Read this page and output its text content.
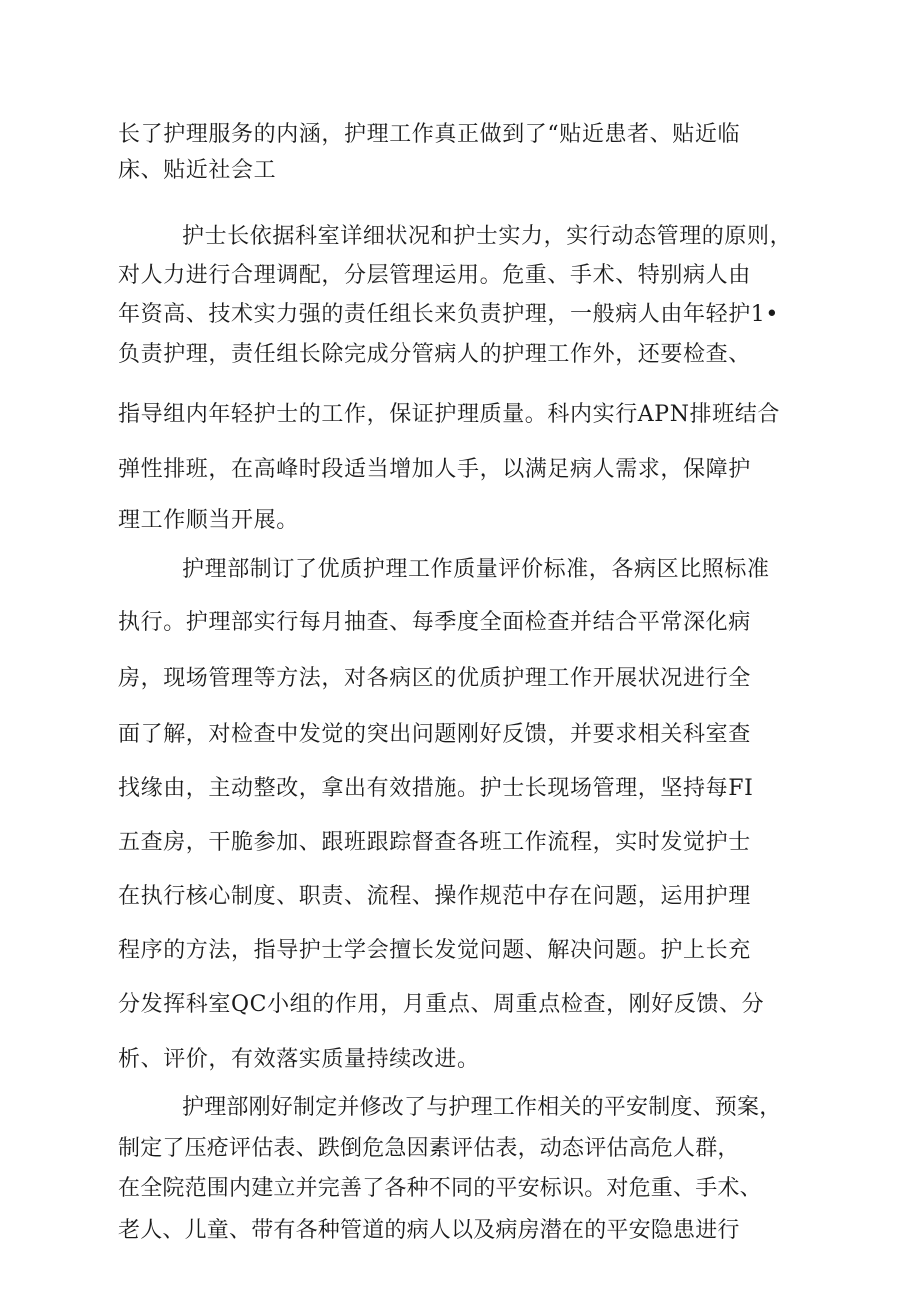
长了护理服务的内涵，护理工作真正做到了“贴近患者、贴近临
床、贴近社会工
护士长依据科室详细状况和护士实力，实行动态管理的原则，
对人力进行合理调配，分层管理运用。危重、手术、特别病人由
年资高、技术实力强的责任组长来负责护理，一般病人由年轻护1•
负责护理，责任组长除完成分管病人的护理工作外，还要检查、
指导组内年轻护士的工作，保证护理质量。科内实行APN排班结合
弹性排班，在高峰时段适当增加人手，以满足病人需求，保障护
理工作顺当开展。
护理部制订了优质护理工作质量评价标准，各病区比照标准
执行。护理部实行每月抽查、每季度全面检查并结合平常深化病
房，现场管理等方法，对各病区的优质护理工作开展状况进行全
面了解，对检查中发觉的突出问题刚好反馈，并要求相关科室查
找缘由，主动整改，拿出有效措施。护士长现场管理，坚持每FI
五查房，干脆参加、跟班跟踪督查各班工作流程，实时发觉护士
在执行核心制度、职责、流程、操作规范中存在问题，运用护理
程序的方法，指导护士学会擅长发觉问题、解决问题。护上长充
分发挥科室QC小组的作用，月重点、周重点检查，刚好反馈、分
析、评价，有效落实质量持续改进。
护理部刚好制定并修改了与护理工作相关的平安制度、预案，
制定了压疮评估表、跌倒危急因素评估表，动态评估高危人群，
在全院范围内建立并完善了各种不同的平安标识。对危重、手术、
老人、儿童、带有各种管道的病人以及病房潜在的平安隐患进行
